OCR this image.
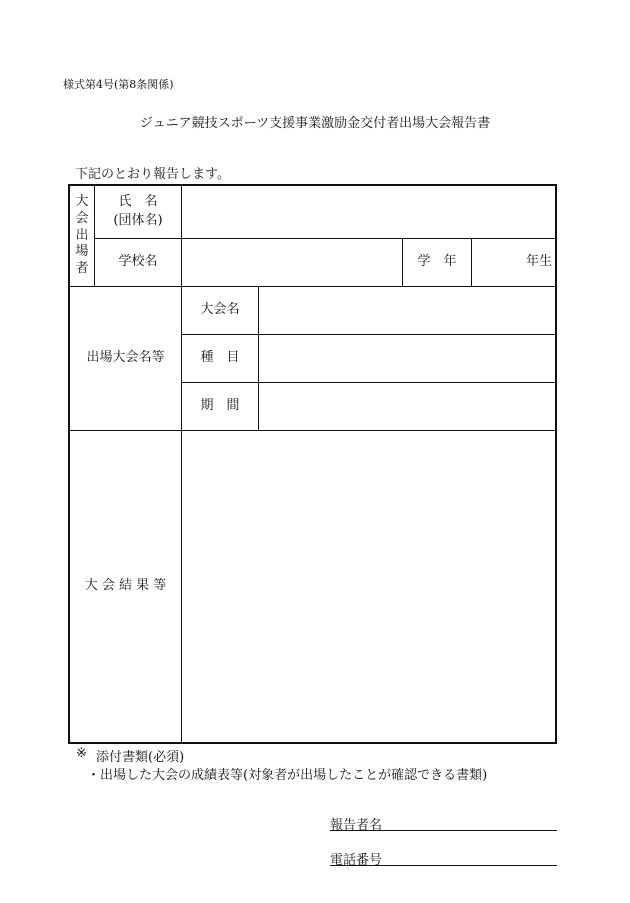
様式第4号(第8条関係)
ジュニア競技スポーツ支援事業激励金交付者出場大会報告書
下記のとおり報告します。
大会出場者
氏　名
(団体名)
学校名	学　年	年生
出場大会名等
大会名
種　目
期　間
大 会 結 果 等
※ 添付書類(必須)
・出場した大会の成績表等(対象者が出場したことが確認できる書類)
報告者名
電話番号
